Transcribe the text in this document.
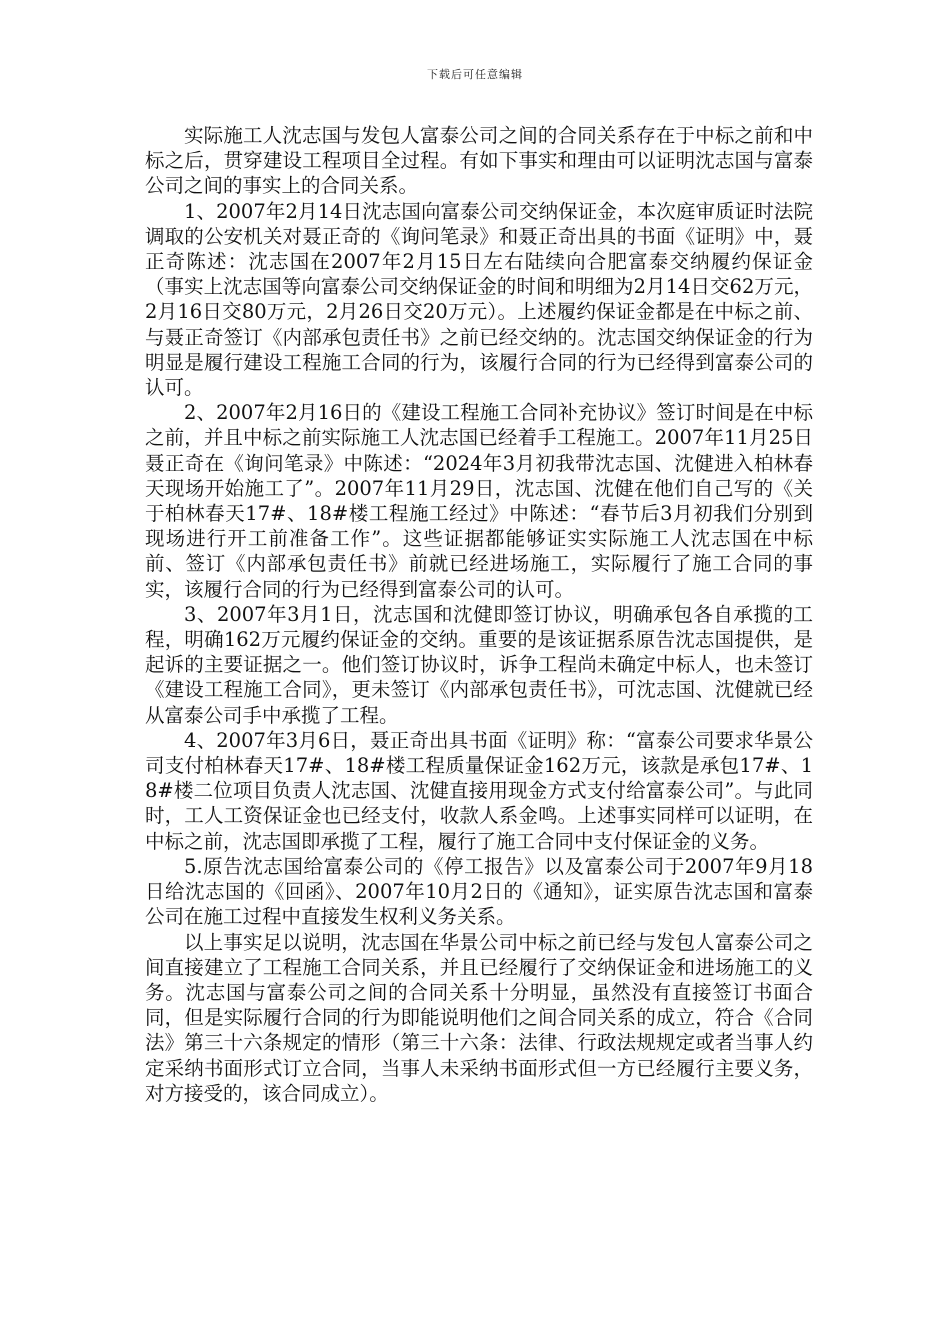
下载后可任意编辑

实际施工人沈志国与发包人富泰公司之间的合同关系存在于中标之前和中标之后，贯穿建设工程项目全过程。有如下事实和理由可以证明沈志国与富泰公司之间的事实上的合同关系。

1、2007年2月14日沈志国向富泰公司交纳保证金，本次庭审质证时法院调取的公安机关对聂正奇的《询问笔录》和聂正奇出具的书面《证明》中，聂正奇陈述：沈志国在2007年2月15日左右陆续向合肥富泰交纳履约保证金（事实上沈志国等向富泰公司交纳保证金的时间和明细为2月14日交62万元，2月16日交80万元，2月26日交20万元）。上述履约保证金都是在中标之前、与聂正奇签订《内部承包责任书》之前已经交纳的。沈志国交纳保证金的行为明显是履行建设工程施工合同的行为，该履行合同的行为已经得到富泰公司的认可。

2、2007年2月16日的《建设工程施工合同补充协议》签订时间是在中标之前，并且中标之前实际施工人沈志国已经着手工程施工。2007年11月25日聂正奇在《询问笔录》中陈述：“2024年3月初我带沈志国、沈健进入柏林春天现场开始施工了”。2007年11月29日，沈志国、沈健在他们自己写的《关于柏林春天17#、18#楼工程施工经过》中陈述：“春节后3月初我们分别到现场进行开工前准备工作”。这些证据都能够证实实际施工人沈志国在中标前、签订《内部承包责任书》前就已经进场施工，实际履行了施工合同的事实，该履行合同的行为已经得到富泰公司的认可。

3、2007年3月1日，沈志国和沈健即签订协议，明确承包各自承揽的工程，明确162万元履约保证金的交纳。重要的是该证据系原告沈志国提供，是起诉的主要证据之一。他们签订协议时，诉争工程尚未确定中标人，也未签订《建设工程施工合同》，更未签订《内部承包责任书》，可沈志国、沈健就已经从富泰公司手中承揽了工程。

4、2007年3月6日，聂正奇出具书面《证明》称：“富泰公司要求华景公司支付柏林春天17#、18#楼工程质量保证金162万元，该款是承包17#、18#楼二位项目负责人沈志国、沈健直接用现金方式支付给富泰公司”。与此同时，工人工资保证金也已经支付，收款人系金鸣。上述事实同样可以证明，在中标之前，沈志国即承揽了工程，履行了施工合同中支付保证金的义务。

5.原告沈志国给富泰公司的《停工报告》以及富泰公司于2007年9月18日给沈志国的《回函》、2007年10月2日的《通知》，证实原告沈志国和富泰公司在施工过程中直接发生权利义务关系。

以上事实足以说明，沈志国在华景公司中标之前已经与发包人富泰公司之间直接建立了工程施工合同关系，并且已经履行了交纳保证金和进场施工的义务。沈志国与富泰公司之间的合同关系十分明显，虽然没有直接签订书面合同，但是实际履行合同的行为即能说明他们之间合同关系的成立，符合《合同法》第三十六条规定的情形（第三十六条：法律、行政法规规定或者当事人约定采纳书面形式订立合同，当事人未采纳书面形式但一方已经履行主要义务，对方接受的，该合同成立）。
